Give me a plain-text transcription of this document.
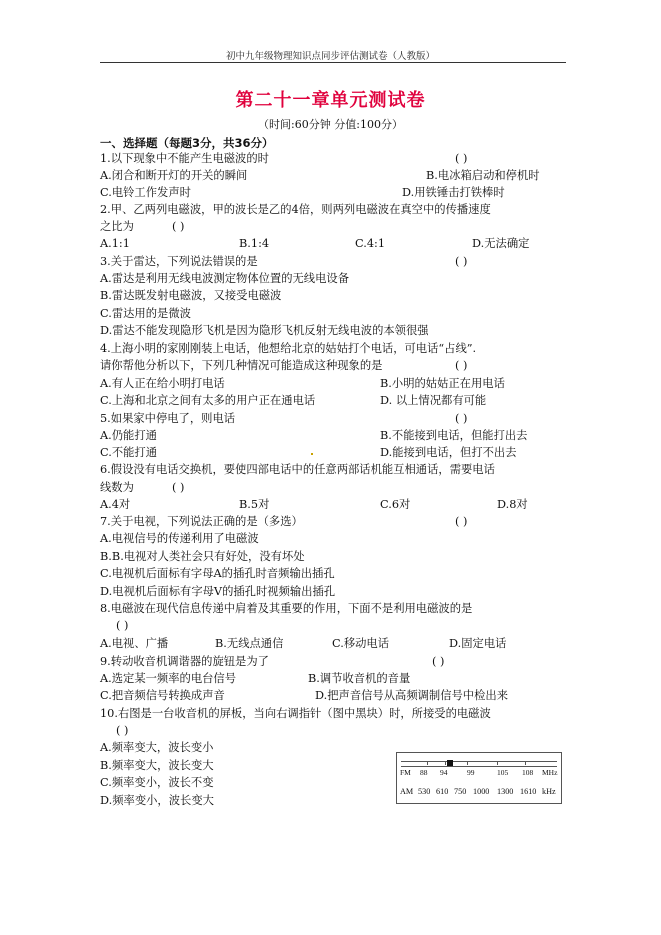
初中九年级物理知识点同步评估测试卷（人教版）
第二十一章单元测试卷
（时间:60分钟 分值:100分）
一、选择题（每题3分，共36分）
1.以下现象中不能产生电磁波的时	( )
A.闭合和断开灯的开关的瞬间	B.电冰箱启动和停机时
C.电铃工作发声时	D.用铁锤击打铁棒时
2.甲、乙两列电磁波，甲的波长是乙的4倍，则两列电磁波在真空中的传播速度
之比为	( )
A.1:1	B.1:4	C.4:1	D.无法确定
3.关于雷达，下列说法错误的是	( )
A.雷达是利用无线电波测定物体位置的无线电设备
B.雷达既发射电磁波，又接受电磁波
C.雷达用的是微波
D.雷达不能发现隐形飞机是因为隐形飞机反射无线电波的本领很强
4.上海小明的家刚刚装上电话，他想给北京的姑姑打个电话，可电话“占线”.
请你帮他分析以下，下列几种情况可能造成这种现象的是	( )
A.有人正在给小明打电话	B.小明的姑姑正在用电话
C.上海和北京之间有太多的用户正在通电话	D. 以上情况都有可能
5.如果家中停电了，则电话	( )
A.仍能打通	B.不能接到电话，但能打出去
C.不能打通	D.能接到电话，但打不出去
6.假设没有电话交换机，要使四部电话中的任意两部话机能互相通话，需要电话
线数为	( )
A.4对	B.5对	C.6对	D.8对
7.关于电视，下列说法正确的是（多选）	( )
A.电视信号的传递利用了电磁波
B.B.电视对人类社会只有好处，没有坏处
C.电视机后面标有字母A的插孔时音频输出插孔
D.电视机后面标有字母V的插孔时视频输出插孔
8.电磁波在现代信息传递中肩着及其重要的作用，下面不是利用电磁波的是
( )
A.电视、广播	B.无线点通信	C.移动电话	D.固定电话
9.转动收音机调谐器的旋钮是为了	( )
A.选定某一频率的电台信号	B.调节收音机的音量
C.把音频信号转换成声音	D.把声音信号从高频调制信号中检出来
10.右图是一台收音机的屏板，当向右调指针（图中黑块）时，所接受的电磁波
( )
A.频率变大，波长变小
B.频率变大，波长变大
C.频率变小，波长不变
D.频率变小，波长变大
FM 88 94	99	105 108 MHz
AM 530 610 750 1000 1300 1610 kHz
